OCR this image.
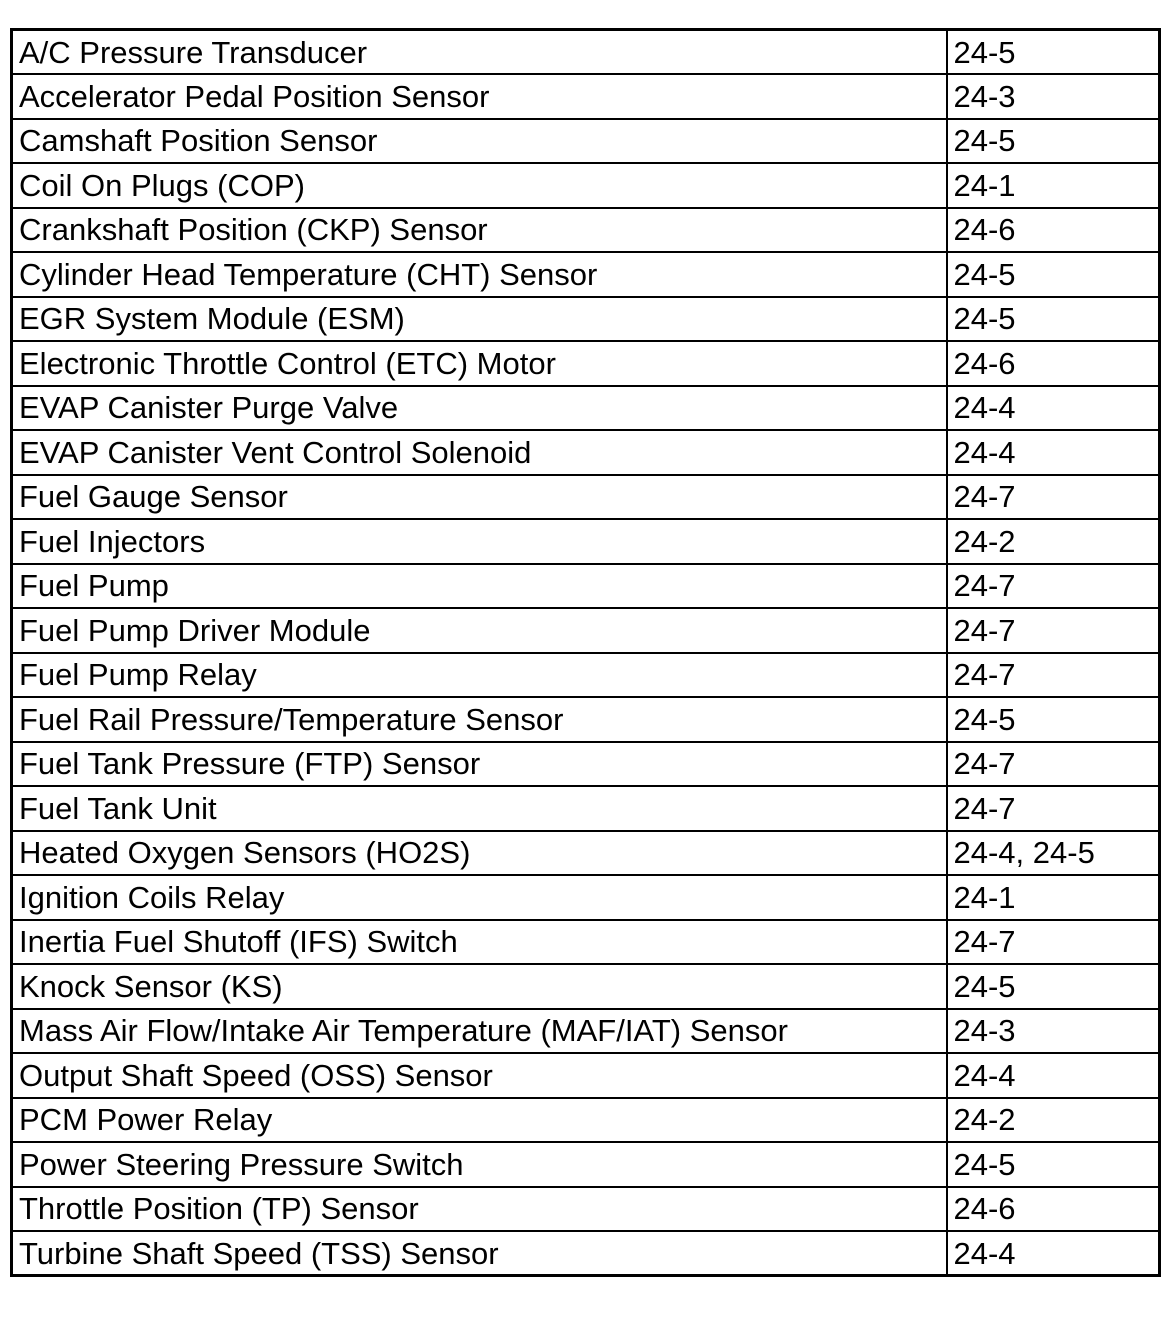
A/C Pressure Transducer	24-5
Accelerator Pedal Position Sensor	24-3
Camshaft Position Sensor	24-5
Coil On Plugs (COP)	24-1
Crankshaft Position (CKP) Sensor	24-6
Cylinder Head Temperature (CHT) Sensor	24-5
EGR System Module (ESM)	24-5
Electronic Throttle Control (ETC) Motor	24-6
EVAP Canister Purge Valve	24-4
EVAP Canister Vent Control Solenoid	24-4
Fuel Gauge Sensor	24-7
Fuel Injectors	24-2
Fuel Pump	24-7
Fuel Pump Driver Module	24-7
Fuel Pump Relay	24-7
Fuel Rail Pressure/Temperature Sensor	24-5
Fuel Tank Pressure (FTP) Sensor	24-7
Fuel Tank Unit	24-7
Heated Oxygen Sensors (HO2S)	24-4, 24-5
Ignition Coils Relay	24-1
Inertia Fuel Shutoff (IFS) Switch	24-7
Knock Sensor (KS)	24-5
Mass Air Flow/Intake Air Temperature (MAF/IAT) Sensor	24-3
Output Shaft Speed (OSS) Sensor	24-4
PCM Power Relay	24-2
Power Steering Pressure Switch	24-5
Throttle Position (TP) Sensor	24-6
Turbine Shaft Speed (TSS) Sensor	24-4
